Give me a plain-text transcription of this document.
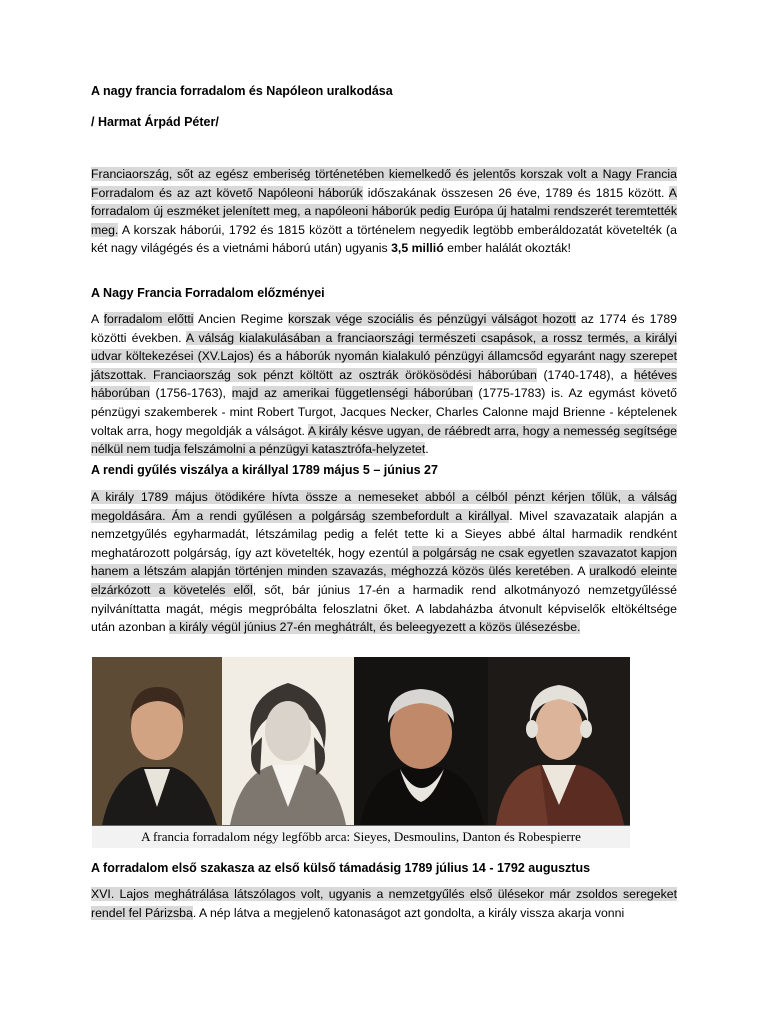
A nagy francia forradalom és Napóleon uralkodása
/ Harmat Árpád Péter/
Franciaország, sőt az egész emberiség történetében kiemelkedő és jelentős korszak volt a Nagy Francia Forradalom és az azt követő Napóleoni háborúk időszakának összesen 26 éve, 1789 és 1815 között. A forradalom új eszméket jelenített meg, a napóleoni háborúk pedig Európa új hatalmi rendszerét teremtették meg. A korszak háborúi, 1792 és 1815 között a történelem negyedik legtöbb emberáldozatát követelték (a két nagy világégés és a vietnámi háború után) ugyanis 3,5 millió ember halálát okozták!
A Nagy Francia Forradalom előzményei
A forradalom előtti Ancien Regime korszak vége szociális és pénzügyi válságot hozott az 1774 és 1789 közötti években. A válság kialakulásában a franciaországi természeti csapások, a rossz termés, a királyi udvar költekezései (XV.Lajos) és a háborúk nyomán kialakuló pénzügyi államcsőd egyaránt nagy szerepet játszottak. Franciaország sok pénzt költött az osztrák örökösödési háborúban (1740-1748), a hétéves háborúban (1756-1763), majd az amerikai függetlenségi háborúban (1775-1783) is. Az egymást követő pénzügyi szakemberek - mint Robert Turgot, Jacques Necker, Charles Calonne majd Brienne - képtelenek voltak arra, hogy megoldják a válságot. A király késve ugyan, de ráébredt arra, hogy a nemesség segítsége nélkül nem tudja felszámolni a pénzügyi katasztrófa-helyzetet.
A rendi gyűlés viszálya a királlyal 1789 május 5 – június 27
A király 1789 május ötödikére hívta össze a nemeseket abból a célból pénzt kérjen tőlük, a válság megoldására. Ám a rendi gyűlésen a polgárság szembefordult a királlyal. Mivel szavazataik alapján a nemzetgyűlés egyharmadát, létszámilag pedig a felét tette ki a Sieyes abbé által harmadik rendként meghatározott polgárság, így azt követelték, hogy ezentúl a polgárság ne csak egyetlen szavazatot kapjon hanem a létszám alapján történjen minden szavazás, méghozzá közös ülés keretében. A uralkodó eleinte elzárkózott a követelés elől, sőt, bár június 17-én a harmadik rend alkotmányozó nemzetgyűléssé nyilváníttatta magát, mégis megpróbálta feloszlatni őket. A labdaházba átvonult képviselők eltökéltsége után azonban a király végül június 27-én meghátrált, és beleegyezett a közös ülésezésbe.
A forradalom első szakasza az első külső támadásig 1789 július 14 - 1792 augusztus
XVI. Lajos meghátrálása látszólagos volt, ugyanis a nemzetgyűlés első ülésekor már zsoldos seregeket rendel fel Párizsba. A nép látva a megjelenő katonaságot azt gondolta, a király vissza akarja vonni
A francia forradalom négy legfőbb arca: Sieyes, Desmoulins, Danton és Robespierre
